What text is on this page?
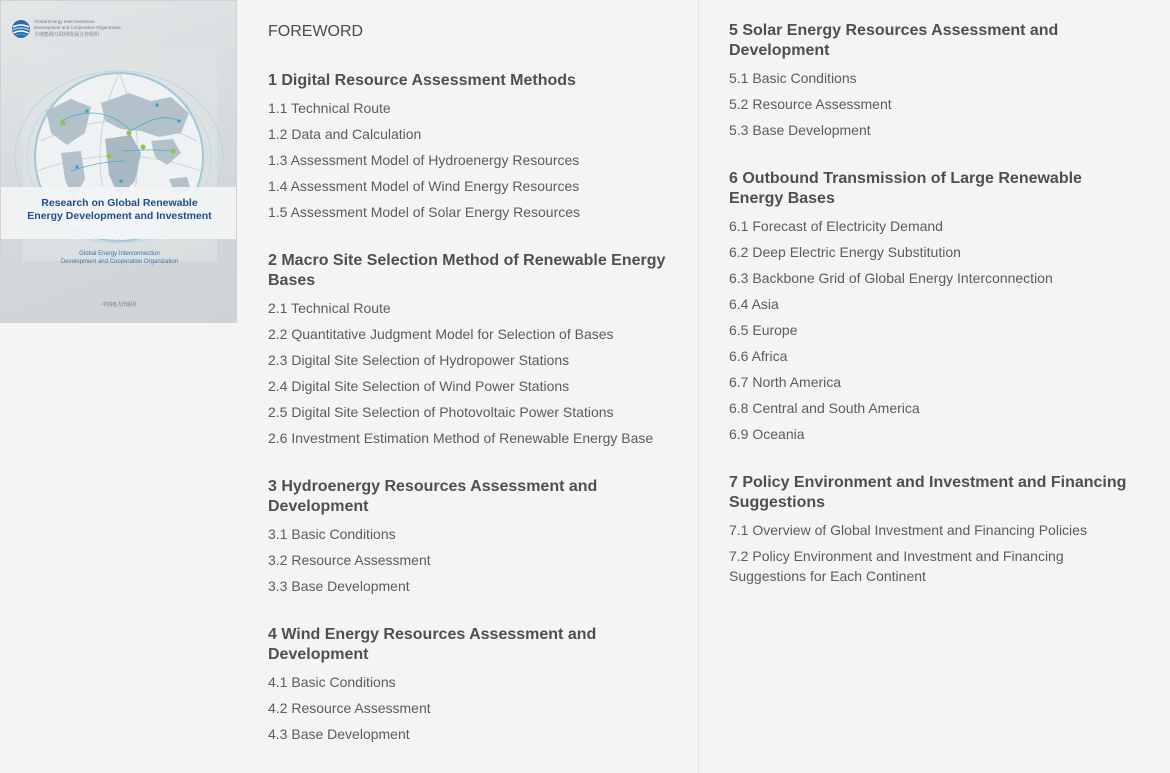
Global Energy Interconnection
Development and Cooperation Organization
全球能源互联网发展合作组织
Research on Global Renewable
Energy Development and Investment
Global Energy Interconnection
Development and Cooperation Organization
中国电力出版社
FOREWORD
1 Digital Resource Assessment Methods
1.1 Technical Route
1.2 Data and Calculation
1.3 Assessment Model of Hydroenergy Resources
1.4 Assessment Model of Wind Energy Resources
1.5 Assessment Model of Solar Energy Resources
2 Macro Site Selection Method of Renewable Energy Bases
2.1 Technical Route
2.2 Quantitative Judgment Model for Selection of Bases
2.3 Digital Site Selection of Hydropower Stations
2.4 Digital Site Selection of Wind Power Stations
2.5 Digital Site Selection of Photovoltaic Power Stations
2.6 Investment Estimation Method of Renewable Energy Base
3 Hydroenergy Resources Assessment and Development
3.1 Basic Conditions
3.2 Resource Assessment
3.3 Base Development
4 Wind Energy Resources Assessment and Development
4.1 Basic Conditions
4.2 Resource Assessment
4.3 Base Development
5 Solar Energy Resources Assessment and Development
5.1 Basic Conditions
5.2 Resource Assessment
5.3 Base Development
6 Outbound Transmission of Large Renewable Energy Bases
6.1 Forecast of Electricity Demand
6.2 Deep Electric Energy Substitution
6.3 Backbone Grid of Global Energy Interconnection
6.4 Asia
6.5 Europe
6.6 Africa
6.7 North America
6.8 Central and South America
6.9 Oceania
7 Policy Environment and Investment and Financing Suggestions
7.1 Overview of Global Investment and Financing Policies
7.2 Policy Environment and Investment and Financing Suggestions for Each Continent
